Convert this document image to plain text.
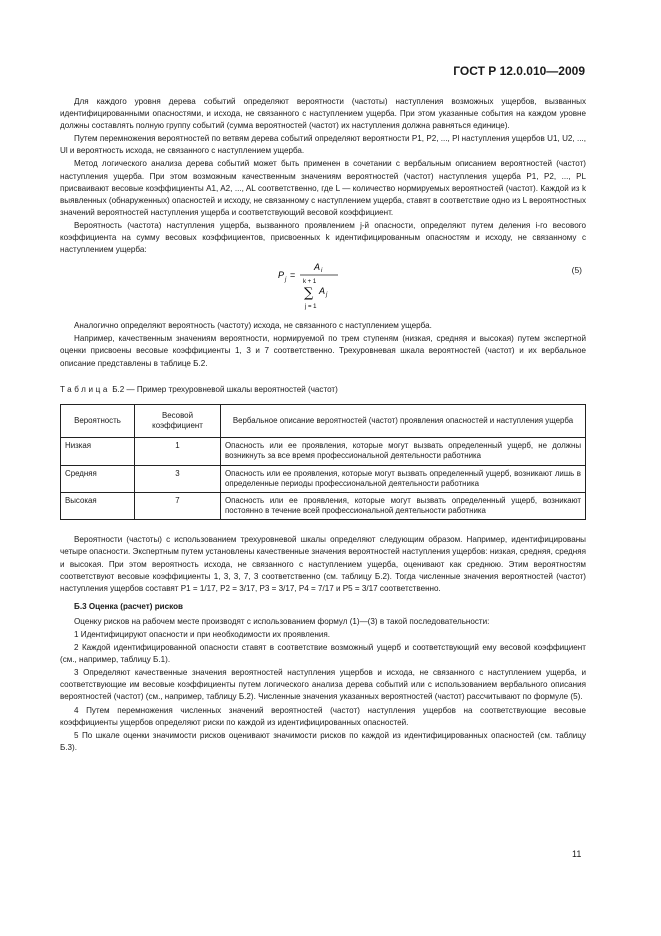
ГОСТ Р 12.0.010—2009

Для каждого уровня дерева событий определяют вероятности (частоты) наступления возможных ущербов, вызванных идентифицированными опасностями, и исхода, не связанного с наступлением ущерба. При этом указанные события на каждом уровне должны составлять полную группу событий (сумма вероятностей (частот) их наступления должна равняться единице).

Путем перемножения вероятностей по ветвям дерева событий определяют вероятности P1, P2, ..., Pl наступления ущербов U1, U2, ..., Ul и вероятность исхода, не связанного с наступлением ущерба.

Метод логического анализа дерева событий может быть применен в сочетании с вербальным описанием вероятностей (частот) наступления ущерба. При этом возможным качественным значениям вероятностей (частот) наступления ущерба P1, P2, ..., PL присваивают весовые коэффициенты A1, A2, ..., AL соответственно, где L — количество нормируемых вероятностей (частот). Каждой из k выявленных (обнаруженных) опасностей и исходу, не связанному с наступлением ущерба, ставят в соответствие одно из L вероятностных значений вероятностей наступления ущерба и соответствующий весовой коэффициент.

Вероятность (частота) наступления ущерба, вызванного проявлением j-й опасности, определяют путем деления i-го весового коэффициента на сумму весовых коэффициентов, присвоенных k идентифицированным опасностям и исходу, не связанному с наступлением ущерба:

P j =
A i
k + 1
∑
j = 1
A j
(5)

Аналогично определяют вероятность (частоту) исхода, не связанного с наступлением ущерба.

Например, качественным значениям вероятности, нормируемой по трем ступеням (низкая, средняя и высокая) путем экспертной оценки присвоены весовые коэффициенты 1, 3 и 7 соответственно. Трехуровневая шкала вероятностей (частот) и их вербальное описание представлены в таблице Б.2.

Таблица Б.2 — Пример трехуровневой шкалы вероятностей (частот)
Вероятность	Весовой коэффициент	Вербальное описание вероятностей (частот) проявления опасностей и наступления ущерба
Низкая	1	Опасность или ее проявления, которые могут вызвать определенный ущерб, не должны возникнуть за все время профессиональной деятельности работника
Средняя	3	Опасность или ее проявления, которые могут вызвать определенный ущерб, возникают лишь в определенные периоды профессиональной деятельности работника
Высокая	7	Опасность или ее проявления, которые могут вызвать определенный ущерб, возникают постоянно в течение всей профессиональной деятельности работника

Вероятности (частоты) с использованием трехуровневой шкалы определяют следующим образом. Например, идентифицированы четыре опасности. Экспертным путем установлены качественные значения вероятностей наступления ущербов: низкая, средняя, средняя и высокая. При этом вероятность исхода, не связанного с наступлением ущерба, оценивают как среднюю. Этим вероятностям соответствуют весовые коэффициенты 1, 3, 3, 7, 3 соответственно (см. таблицу Б.2). Тогда численные значения вероятностей (частот) наступления ущербов составят P1 = 1/17, P2 = 3/17, P3 = 3/17, P4 = 7/17 и P5 = 3/17 соответственно.

Б.3 Оценка (расчет) рисков

Оценку рисков на рабочем месте производят с использованием формул (1)—(3) в такой последовательности:

1 Идентифицируют опасности и при необходимости их проявления.

2 Каждой идентифицированной опасности ставят в соответствие возможный ущерб и соответствующий ему весовой коэффициент (см., например, таблицу Б.1).

3 Определяют качественные значения вероятностей наступления ущербов и исхода, не связанного с наступлением ущерба, и соответствующие им весовые коэффициенты путем логического анализа дерева событий или с использованием вербального описания вероятностей (частот) (см., например, таблицу Б.2). Численные значения указанных вероятностей (частот) рассчитывают по формуле (5).

4 Путем перемножения численных значений вероятностей (частот) наступления ущербов на соответствующие весовые коэффициенты ущербов определяют риски по каждой из идентифицированных опасностей.

5 По шкале оценки значимости рисков оценивают значимости рисков по каждой из идентифицированных опасностей (см. таблицу Б.3).

11
